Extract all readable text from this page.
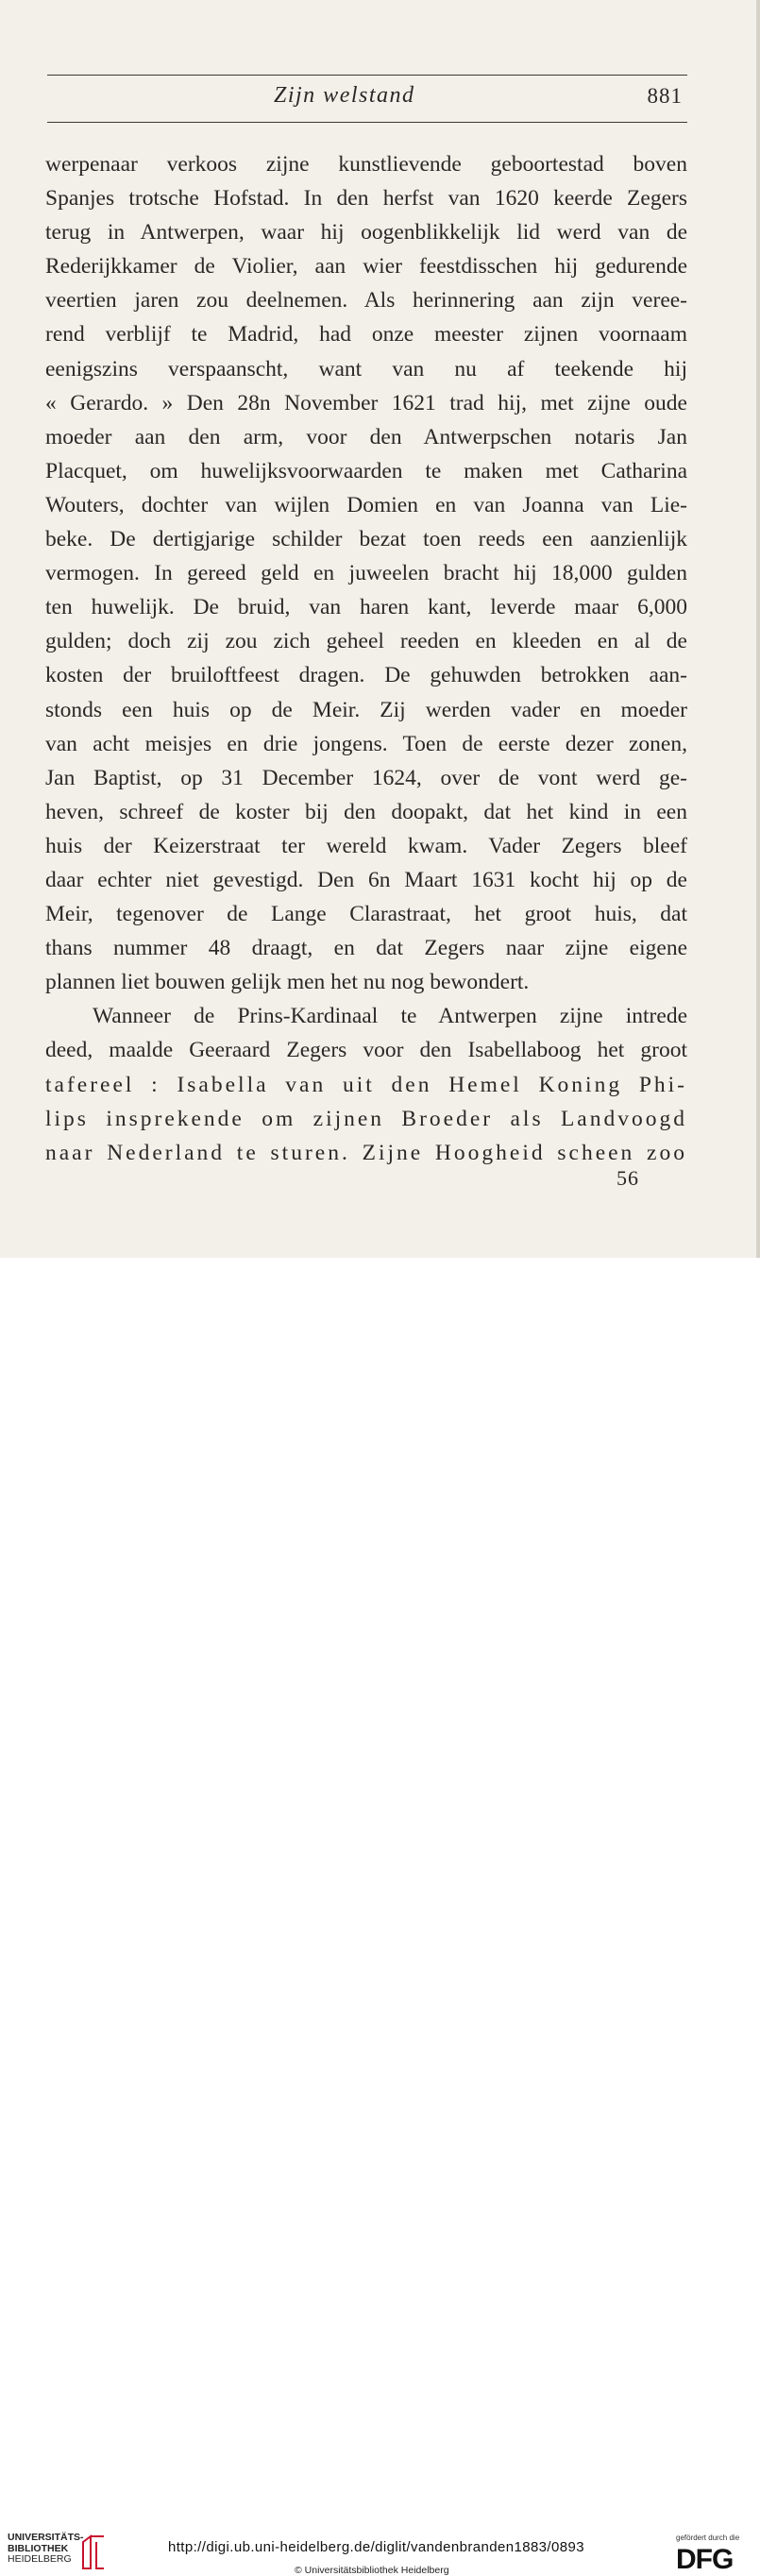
Zijn welstand	881
werpenaar verkoos zijne kunstlievende geboortestad boven
Spanjes trotsche Hofstad. In den herfst van 1620 keerde Zegers
terug in Antwerpen, waar hij oogenblikkelijk lid werd van de
Rederijkkamer de Violier, aan wier feestdisschen hij gedurende
veertien jaren zou deelnemen. Als herinnering aan zijn veree-
rend verblijf te Madrid, had onze meester zijnen voornaam
eenigszins verspaanscht, want van nu af teekende hij
« Gerardo. » Den 28n November 1621 trad hij, met zijne oude
moeder aan den arm, voor den Antwerpschen notaris Jan
Placquet, om huwelijksvoorwaarden te maken met Catharina
Wouters, dochter van wijlen Domien en van Joanna van Lie-
beke. De dertigjarige schilder bezat toen reeds een aanzienlijk
vermogen. In gereed geld en juweelen bracht hij 18,000 gulden
ten huwelijk. De bruid, van haren kant, leverde maar 6,000
gulden; doch zij zou zich geheel reeden en kleeden en al de
kosten der bruiloftfeest dragen. De gehuwden betrokken aan-
stonds een huis op de Meir. Zij werden vader en moeder
van acht meisjes en drie jongens. Toen de eerste dezer zonen,
Jan Baptist, op 31 December 1624, over de vont werd ge-
heven, schreef de koster bij den doopakt, dat het kind in een
huis der Keizerstraat ter wereld kwam. Vader Zegers bleef
daar echter niet gevestigd. Den 6n Maart 1631 kocht hij op de
Meir, tegenover de Lange Clarastraat, het groot huis, dat
thans nummer 48 draagt, en dat Zegers naar zijne eigene
plannen liet bouwen gelijk men het nu nog bewondert.
Wanneer de Prins-Kardinaal te Antwerpen zijne intrede
deed, maalde Geeraard Zegers voor den Isabellaboog het groot
tafereel : Isabella van uit den Hemel Koning Phi-
lips insprekende om zijnen Broeder als Landvoogd
naar Nederland te sturen. Zijne Hoogheid scheen zoo
56
UNIVERSITÄTS-
BIBLIOTHEK
HEIDELBERG
http://digi.ub.uni-heidelberg.de/diglit/vandenbranden1883/0893
© Universitätsbibliothek Heidelberg
gefördert durch die
DFG
